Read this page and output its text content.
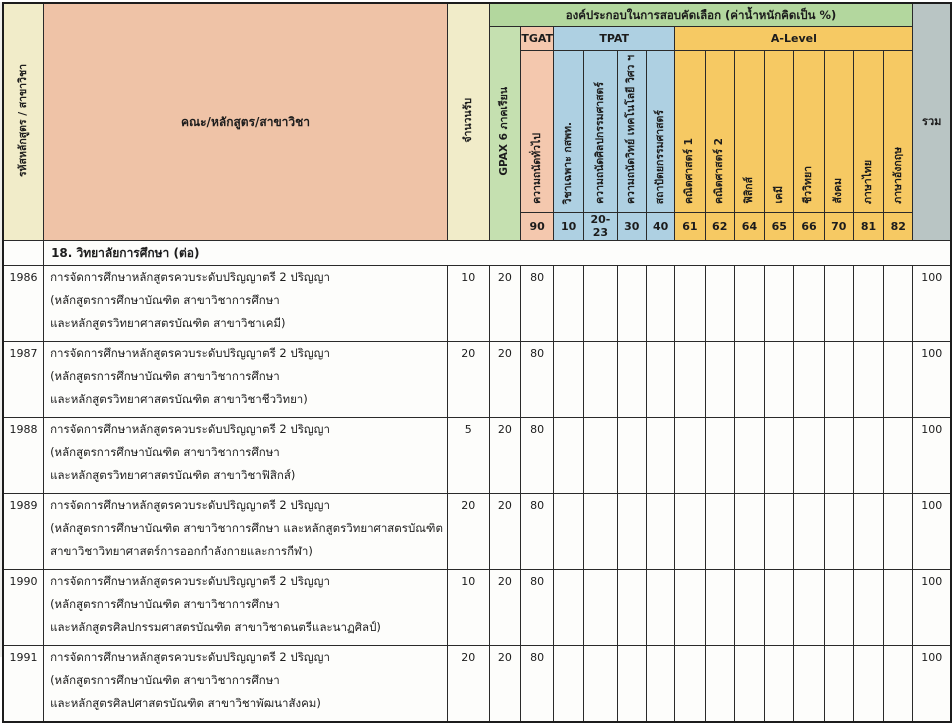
รหัสหลักสูตร / สาขาวิชา	คณะ/หลักสูตร/สาขาวิชา	จำนวนรับ	องค์ประกอบในการสอบคัดเลือก (ค่าน้ำหนักคิดเป็น %)														รวม
			GPAX 6 ภาคเรียน	TGAT	TPAT				A-Level								
				ความถนัดทั่วไป	วิชาเฉพาะ กสพท.	ความถนัดศิลปกรรมศาสตร์	ความถนัดวิทย์ เทคโนโลยี วิศว ฯ	สถาปัตยกรรมศาสตร์	คณิตศาสตร์ 1	คณิตศาสตร์ 2	ฟิสิกส์	เคมี	ชีววิทยา	สังคม	ภาษาไทย	ภาษาอังกฤษ	
				90	10	20-23	30	40	61	62	64	65	66	70	81	82	
	18. วิทยาลัยการศึกษา (ต่อ)																
1986	การจัดการศึกษาหลักสูตรควบระดับปริญญาตรี 2 ปริญญา
(หลักสูตรการศึกษาบัณฑิต สาขาวิชาการศึกษา
และหลักสูตรวิทยาศาสตรบัณฑิต สาขาวิชาเคมี)	10	20	80													100
1987	การจัดการศึกษาหลักสูตรควบระดับปริญญาตรี 2 ปริญญา
(หลักสูตรการศึกษาบัณฑิต สาขาวิชาการศึกษา
และหลักสูตรวิทยาศาสตรบัณฑิต สาขาวิชาชีววิทยา)	20	20	80													100
1988	การจัดการศึกษาหลักสูตรควบระดับปริญญาตรี 2 ปริญญา
(หลักสูตรการศึกษาบัณฑิต สาขาวิชาการศึกษา
และหลักสูตรวิทยาศาสตรบัณฑิต สาขาวิชาฟิสิกส์)	5	20	80													100
1989	การจัดการศึกษาหลักสูตรควบระดับปริญญาตรี 2 ปริญญา
(หลักสูตรการศึกษาบัณฑิต สาขาวิชาการศึกษา และหลักสูตรวิทยาศาสตรบัณฑิต
สาขาวิชาวิทยาศาสตร์การออกกำลังกายและการกีฬา)	20	20	80													100
1990	การจัดการศึกษาหลักสูตรควบระดับปริญญาตรี 2 ปริญญา
(หลักสูตรการศึกษาบัณฑิต สาขาวิชาการศึกษา
และหลักสูตรศิลปกรรมศาสตรบัณฑิต สาขาวิชาดนตรีและนาฏศิลป์)	10	20	80													100
1991	การจัดการศึกษาหลักสูตรควบระดับปริญญาตรี 2 ปริญญา
(หลักสูตรการศึกษาบัณฑิต สาขาวิชาการศึกษา
และหลักสูตรศิลปศาสตรบัณฑิต สาขาวิชาพัฒนาสังคม)	20	20	80													100
